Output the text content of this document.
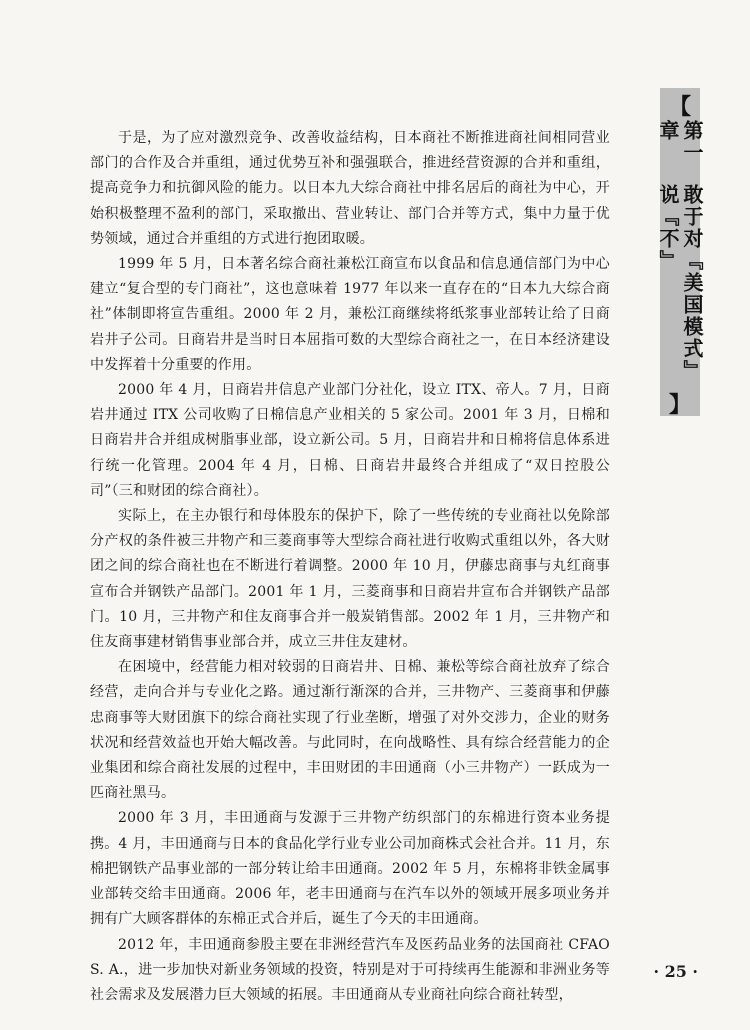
【
第一章
敢于对『美国模式』说『不』
】

于是，为了应对激烈竞争、改善收益结构，日本商社不断推进商社间相同营业部门的合作及合并重组，通过优势互补和强强联合，推进经营资源的合并和重组，提高竞争力和抗御风险的能力。以日本九大综合商社中排名居后的商社为中心，开始积极整理不盈利的部门，采取撤出、营业转让、部门合并等方式，集中力量于优势领域，通过合并重组的方式进行抱团取暖。

1999 年 5 月，日本著名综合商社兼松江商宣布以食品和信息通信部门为中心建立“复合型的专门商社”，这也意味着 1977 年以来一直存在的“日本九大综合商社”体制即将宣告重组。2000 年 2 月，兼松江商继续将纸浆事业部转让给了日商岩井子公司。日商岩井是当时日本屈指可数的大型综合商社之一，在日本经济建设中发挥着十分重要的作用。

2000 年 4 月，日商岩井信息产业部门分社化，设立 ITX、帝人。7 月，日商岩井通过 ITX 公司收购了日棉信息产业相关的 5 家公司。2001 年 3 月，日棉和日商岩井合并组成树脂事业部，设立新公司。5 月，日商岩井和日棉将信息体系进行统一化管理。2004 年 4 月，日棉、日商岩井最终合并组成了“双日控股公司”（三和财团的综合商社）。

实际上，在主办银行和母体股东的保护下，除了一些传统的专业商社以免除部分产权的条件被三井物产和三菱商事等大型综合商社进行收购式重组以外，各大财团之间的综合商社也在不断进行着调整。2000 年 10 月，伊藤忠商事与丸红商事宣布合并钢铁产品部门。2001 年 1 月，三菱商事和日商岩井宣布合并钢铁产品部门。10 月，三井物产和住友商事合并一般炭销售部。2002 年 1 月，三井物产和住友商事建材销售事业部合并，成立三井住友建材。

在困境中，经营能力相对较弱的日商岩井、日棉、兼松等综合商社放弃了综合经营，走向合并与专业化之路。通过渐行渐深的合并，三井物产、三菱商事和伊藤忠商事等大财团旗下的综合商社实现了行业垄断，增强了对外交涉力，企业的财务状况和经营效益也开始大幅改善。与此同时，在向战略性、具有综合经营能力的企业集团和综合商社发展的过程中，丰田财团的丰田通商（小三井物产）一跃成为一匹商社黑马。

2000 年 3 月，丰田通商与发源于三井物产纺织部门的东棉进行资本业务提携。4 月，丰田通商与日本的食品化学行业专业公司加商株式会社合并。11 月，东棉把钢铁产品事业部的一部分转让给丰田通商。2002 年 5 月，东棉将非铁金属事业部转交给丰田通商。2006 年，老丰田通商与在汽车以外的领域开展多项业务并拥有广大顾客群体的东棉正式合并后，诞生了今天的丰田通商。

2012 年，丰田通商参股主要在非洲经营汽车及医药品业务的法国商社 CFAO S. A.，进一步加快对新业务领域的投资，特别是对于可持续再生能源和非洲业务等社会需求及发展潜力巨大领域的拓展。丰田通商从专业商社向综合商社转型，

· 25 ·
